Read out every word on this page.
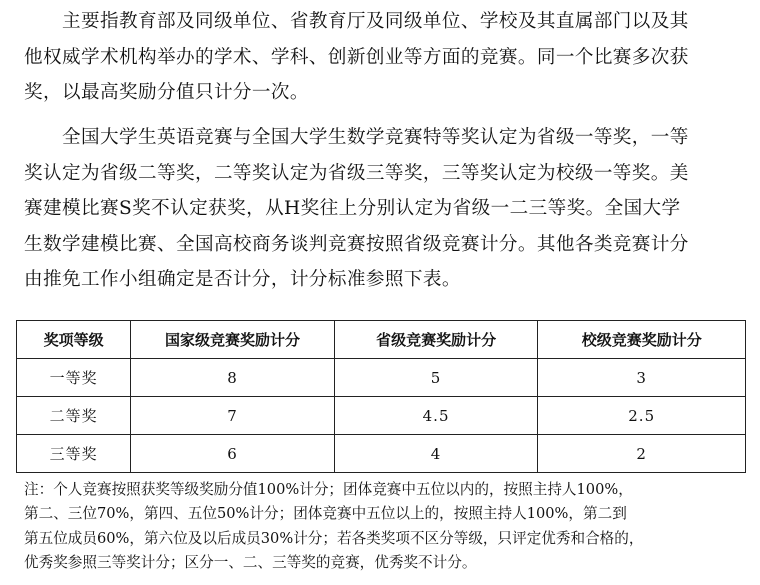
　　主要指教育部及同级单位、省教育厅及同级单位、学校及其直属部门以及其
他权威学术机构举办的学术、学科、创新创业等方面的竞赛。同一个比赛多次获
奖，以最高奖励分值只计分一次。

　　全国大学生英语竞赛与全国大学生数学竞赛特等奖认定为省级一等奖，一等
奖认定为省级二等奖，二等奖认定为省级三等奖，三等奖认定为校级一等奖。美
赛建模比赛S奖不认定获奖，从H奖往上分别认定为省级一二三等奖。全国大学
生数学建模比赛、全国高校商务谈判竞赛按照省级竞赛计分。其他各类竞赛计分
由推免工作小组确定是否计分，计分标准参照下表。

奖项等级	国家级竞赛奖励计分	省级竞赛奖励计分	校级竞赛奖励计分
一等奖	8	5	3
二等奖	7	4.5	2.5
三等奖	6	4	2

注：个人竞赛按照获奖等级奖励分值100%计分；团体竞赛中五位以内的，按照主持人100%，
第二、三位70%，第四、五位50%计分；团体竞赛中五位以上的，按照主持人100%，第二到
第五位成员60%，第六位及以后成员30%计分；若各类奖项不区分等级，只评定优秀和合格的，
优秀奖参照三等奖计分；区分一、二、三等奖的竞赛，优秀奖不计分。
